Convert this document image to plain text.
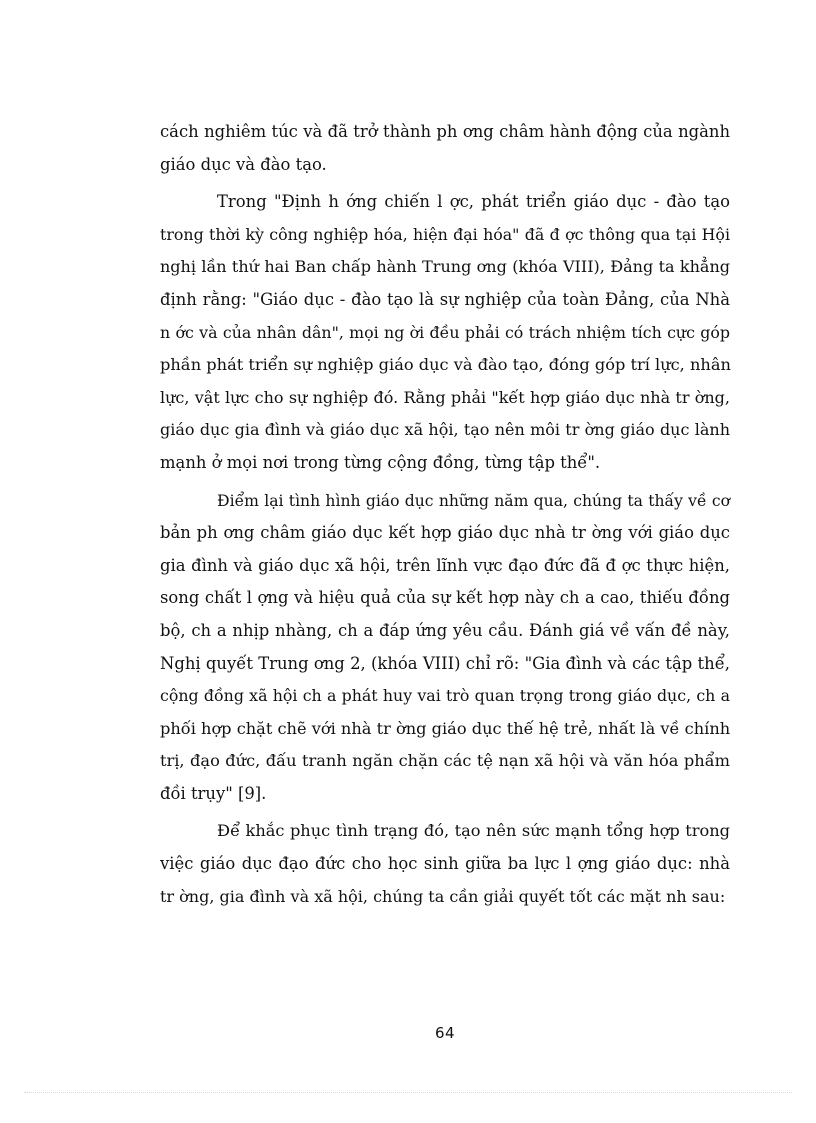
cách nghiêm túc và đã trở thành ph ơng châm hành động của ngành
giáo dục và đào tạo.
Trong "Định h ớng chiến l ợc, phát triển giáo dục - đào tạo
trong thời kỳ công nghiệp hóa, hiện đại hóa" đã đ ợc thông qua tại Hội
nghị lần thứ hai Ban chấp hành Trung ơng (khóa VIII), Đảng ta khẳng
định rằng: "Giáo dục - đào tạo là sự nghiệp của toàn Đảng, của Nhà
n ớc và của nhân dân", mọi ng ời đều phải có trách nhiệm tích cực góp
phần phát triển sự nghiệp giáo dục và đào tạo, đóng góp trí lực, nhân
lực, vật lực cho sự nghiệp đó. Rằng phải "kết hợp giáo dục nhà tr ờng,
giáo dục gia đình và giáo dục xã hội, tạo nên môi tr ờng giáo dục lành
mạnh ở mọi nơi trong từng cộng đồng, từng tập thể".
Điểm lại tình hình giáo dục những năm qua, chúng ta thấy về cơ
bản ph ơng châm giáo dục kết hợp giáo dục nhà tr ờng với giáo dục
gia đình và giáo dục xã hội, trên lĩnh vực đạo đức đã đ ợc thực hiện,
song chất l ợng và hiệu quả của sự kết hợp này ch a cao, thiếu đồng
bộ, ch a nhịp nhàng, ch a đáp ứng yêu cầu. Đánh giá về vấn đề này,
Nghị quyết Trung ơng 2, (khóa VIII) chỉ rõ: "Gia đình và các tập thể,
cộng đồng xã hội ch a phát huy vai trò quan trọng trong giáo dục, ch a
phối hợp chặt chẽ với nhà tr ờng giáo dục thế hệ trẻ, nhất là về chính
trị, đạo đức, đấu tranh ngăn chặn các tệ nạn xã hội và văn hóa phẩm
đồi trụy" [9].
Để khắc phục tình trạng đó, tạo nên sức mạnh tổng hợp trong
việc giáo dục đạo đức cho học sinh giữa ba lực l ợng giáo dục: nhà
tr ờng, gia đình và xã hội, chúng ta cần giải quyết tốt các mặt nh sau:
64
